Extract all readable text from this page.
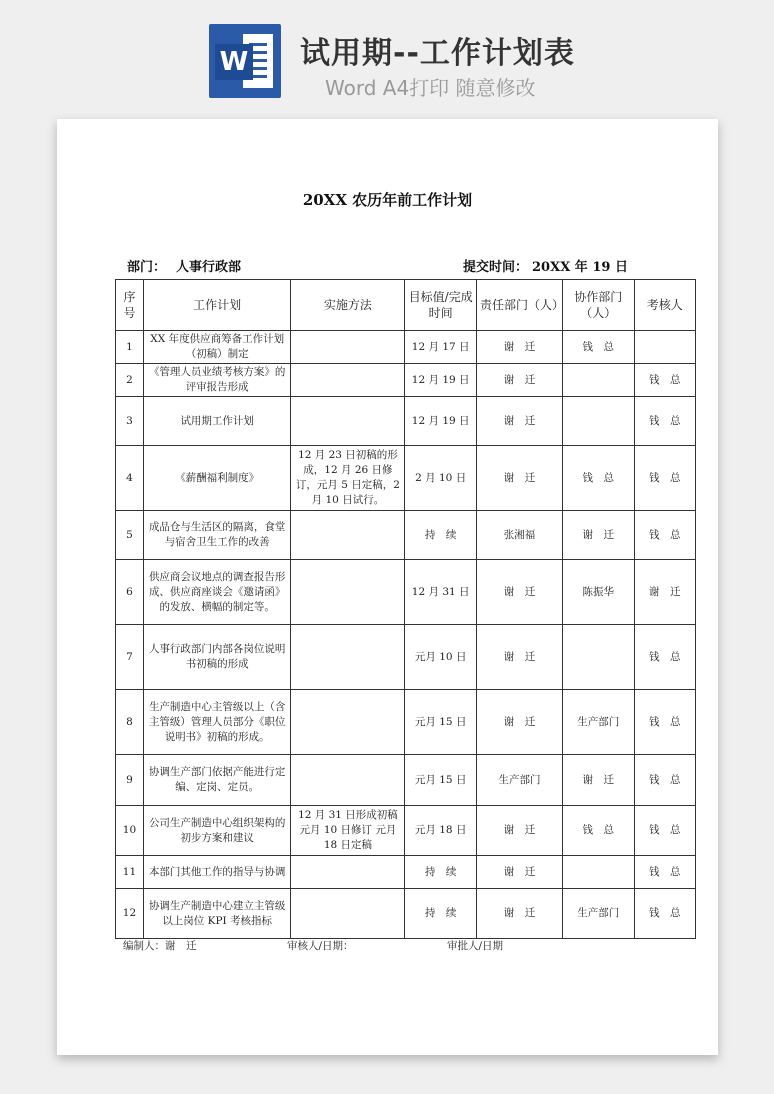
W 试用期--工作计划表
Word A4打印 随意修改
20XX 农历年前工作计划
部门： 人事行政部	提交时间： 20XX 年 19 日
序号	工作计划	实施方法	目标值/完成时间	责任部门（人）	协作部门（人）	考核人
1	XX 年度供应商筹备工作计划（初稿）制定		12 月 17 日	谢　迁	钱　总	
2	《管理人员业绩考核方案》的评审报告形成		12 月 19 日	谢　迁		钱　总
3	试用期工作计划		12 月 19 日	谢　迁		钱　总
4	《薪酬福利制度》	12 月 23 日初稿的形成，12 月 26 日修订，元月 5 日定稿，2 月 10 日试行。	2 月 10 日	谢　迁	钱　总	钱　总
5	成品仓与生活区的隔离，食堂与宿舍卫生工作的改善		持　续	张湘福	谢　迁	钱　总
6	供应商会议地点的调查报告形成、供应商座谈会《邀请函》的发放、横幅的制定等。		12 月 31 日	谢　迁	陈振华	谢　迁
7	人事行政部门内部各岗位说明书初稿的形成		元月 10 日	谢　迁		钱　总
8	生产制造中心主管级以上（含主管级）管理人员部分《职位说明书》初稿的形成。		元月 15 日	谢　迁	生产部门	钱　总
9	协调生产部门依据产能进行定编、定岗、定员。		元月 15 日	生产部门	谢　迁	钱　总
10	公司生产制造中心组织架构的初步方案和建议	12 月 31 日形成初稿 元月 10 日修订 元月 18 日定稿	元月 18 日	谢　迁	钱　总	钱　总
11	本部门其他工作的指导与协调		持　续	谢　迁		钱　总
12	协调生产制造中心建立主管级以上岗位 KPI 考核指标		持　续	谢　迁	生产部门	钱　总
编制人：谢　迁	审核人/日期：	审批人/日期
